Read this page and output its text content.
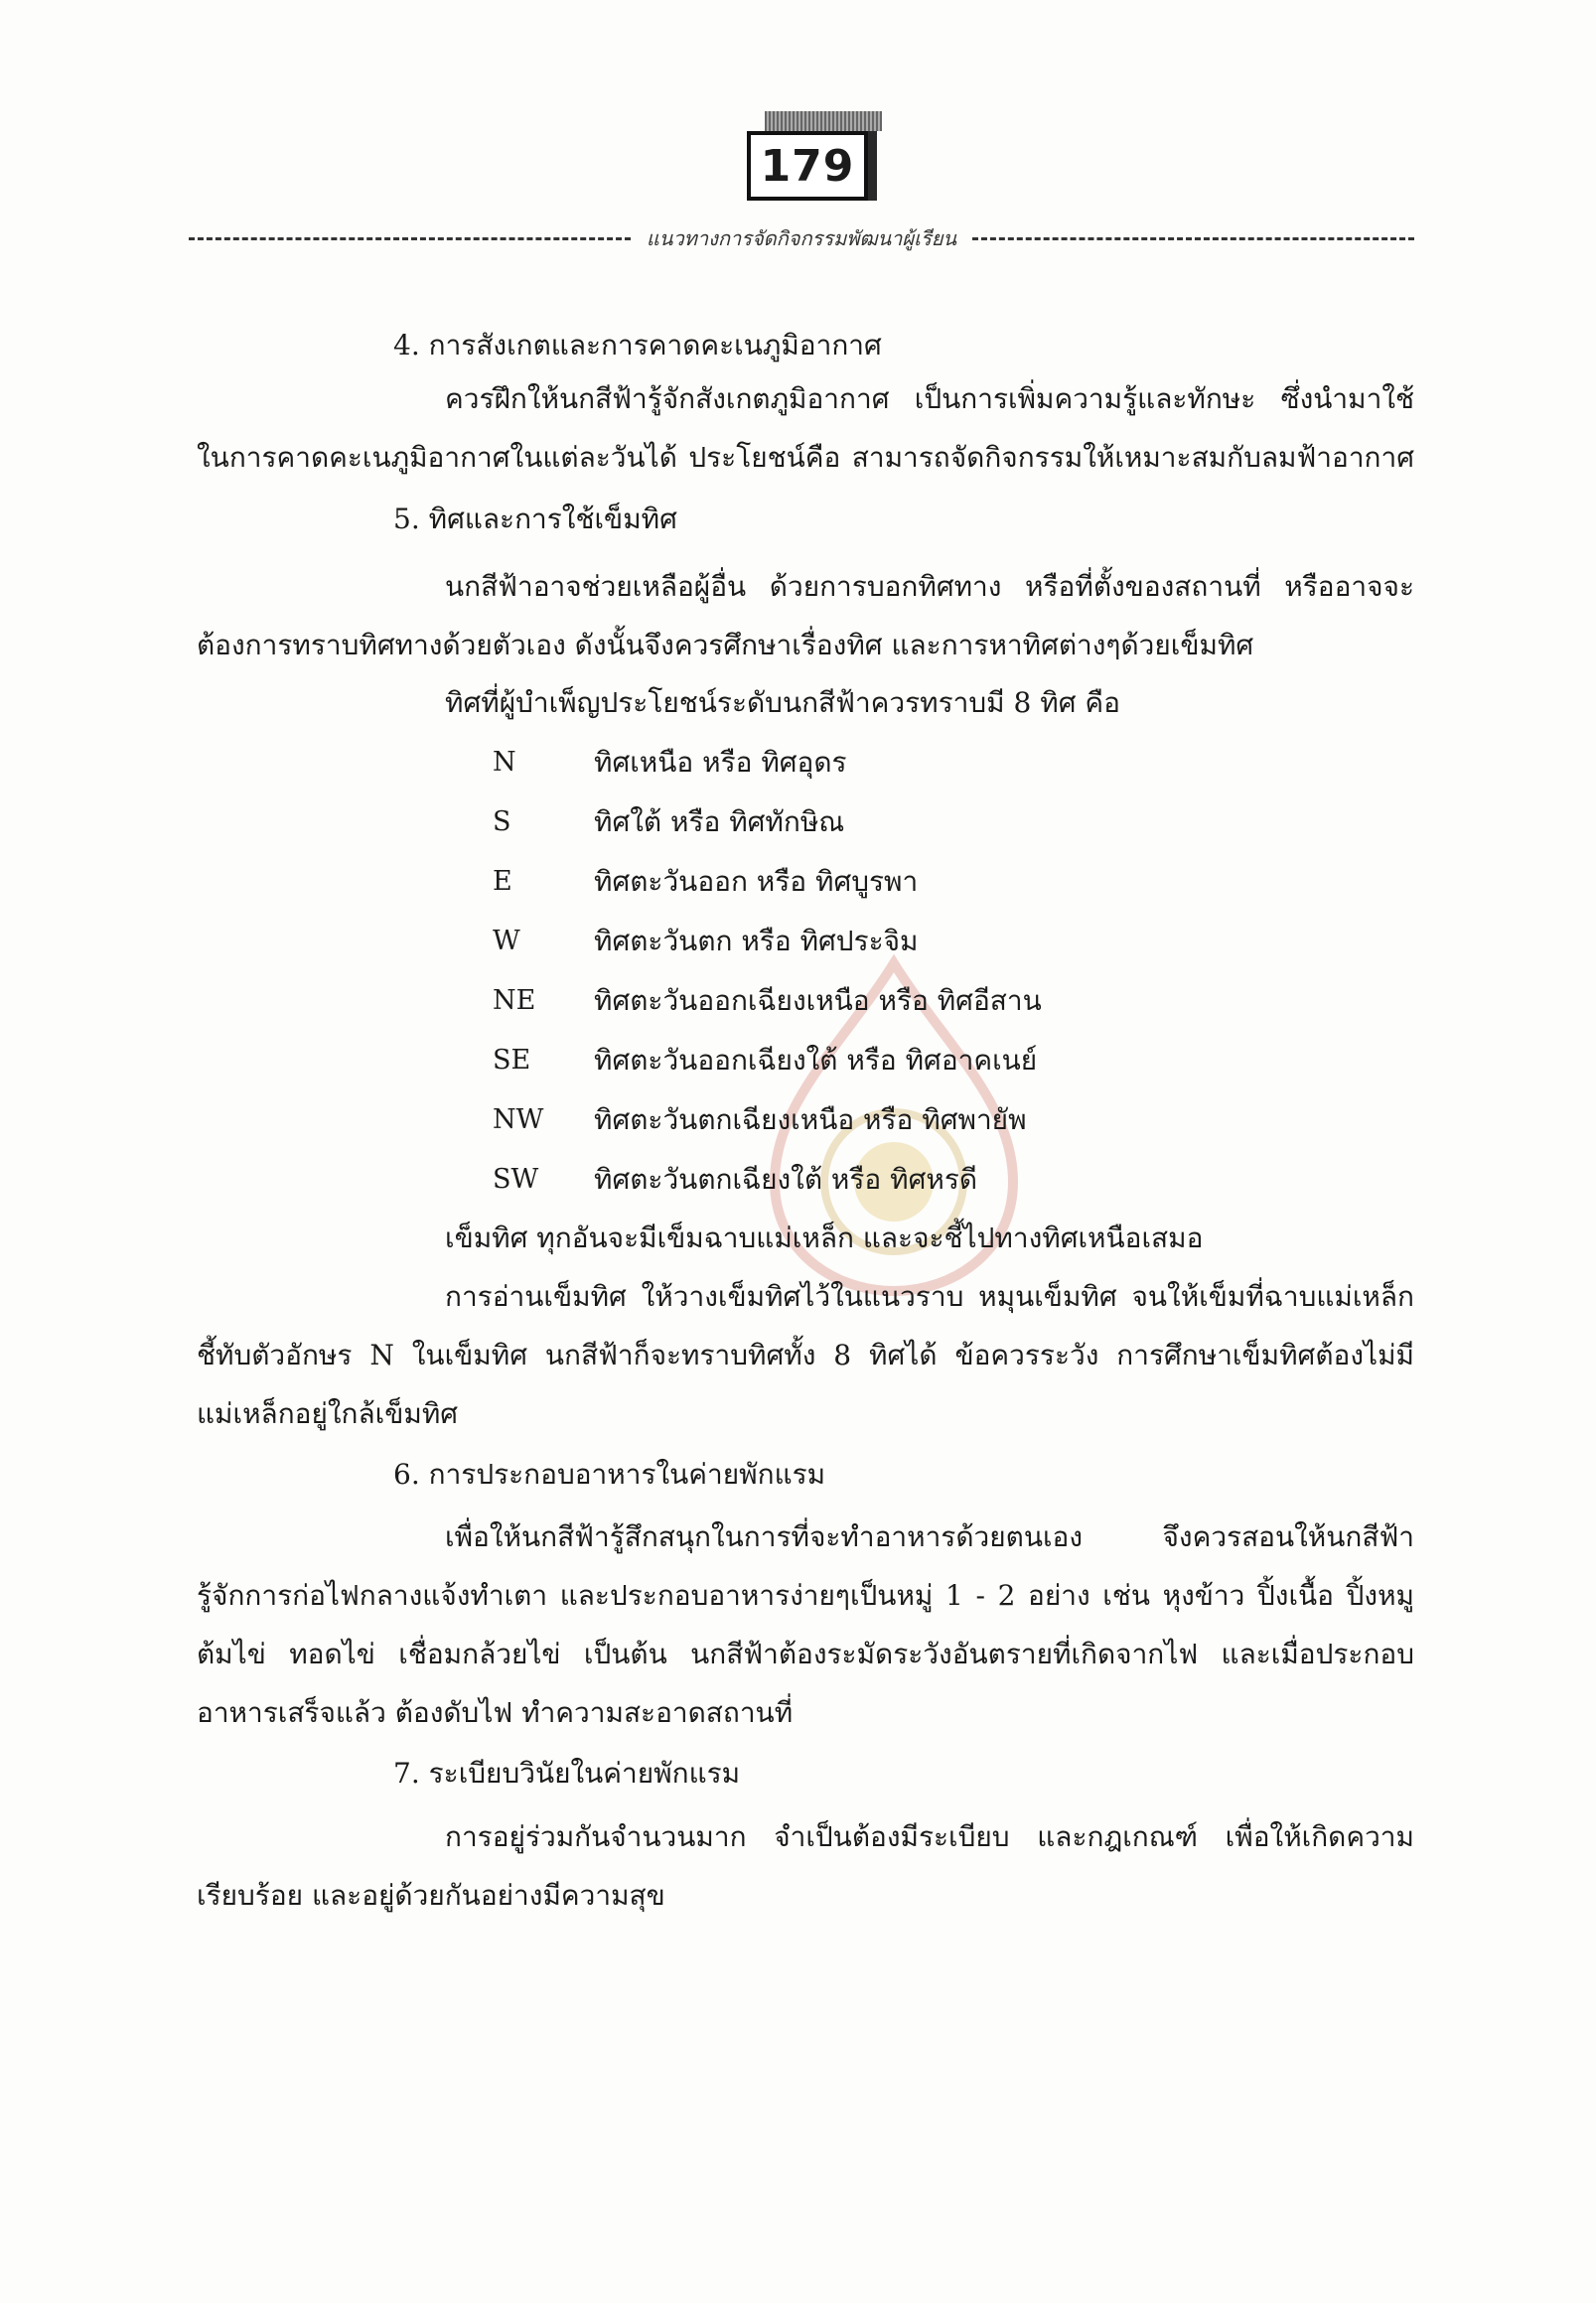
179
แนวทางการจัดกิจกรรมพัฒนาผู้เรียน
4. การสังเกตและการคาดคะเนภูมิอากาศ
ควรฝึกให้นกสีฟ้ารู้จักสังเกตภูมิอากาศ เป็นการเพิ่มความรู้และทักษะ ซึ่งนำมาใช้
ในการคาดคะเนภูมิอากาศในแต่ละวันได้ ประโยชน์คือ สามารถจัดกิจกรรมให้เหมาะสมกับลมฟ้าอากาศ
5. ทิศและการใช้เข็มทิศ
นกสีฟ้าอาจช่วยเหลือผู้อื่น ด้วยการบอกทิศทาง หรือที่ตั้งของสถานที่ หรืออาจจะ
ต้องการทราบทิศทางด้วยตัวเอง ดังนั้นจึงควรศึกษาเรื่องทิศ และการหาทิศต่างๆด้วยเข็มทิศ
ทิศที่ผู้บำเพ็ญประโยชน์ระดับนกสีฟ้าควรทราบมี 8 ทิศ คือ
N	ทิศเหนือ หรือ ทิศอุดร
S	ทิศใต้ หรือ ทิศทักษิณ
E	ทิศตะวันออก หรือ ทิศบูรพา
W	ทิศตะวันตก หรือ ทิศประจิม
NE ทิศตะวันออกเฉียงเหนือ หรือ ทิศอีสาน
SE ทิศตะวันออกเฉียงใต้ หรือ ทิศอาคเนย์
NW ทิศตะวันตกเฉียงเหนือ หรือ ทิศพายัพ
SW ทิศตะวันตกเฉียงใต้ หรือ ทิศหรดี
เข็มทิศ ทุกอันจะมีเข็มฉาบแม่เหล็ก และจะชี้ไปทางทิศเหนือเสมอ
การอ่านเข็มทิศ ให้วางเข็มทิศไว้ในแนวราบ หมุนเข็มทิศ จนให้เข็มที่ฉาบแม่เหล็ก
ชี้ทับตัวอักษร N ในเข็มทิศ นกสีฟ้าก็จะทราบทิศทั้ง 8 ทิศได้ ข้อควรระวัง การศึกษาเข็มทิศต้องไม่มี
แม่เหล็กอยู่ใกล้เข็มทิศ
6. การประกอบอาหารในค่ายพักแรม
เพื่อให้นกสีฟ้ารู้สึกสนุกในการที่จะทำอาหารด้วยตนเอง จึงควรสอนให้นกสีฟ้า
รู้จักการก่อไฟกลางแจ้งทำเตา และประกอบอาหารง่ายๆเป็นหมู่ 1 - 2 อย่าง เช่น หุงข้าว ปิ้งเนื้อ ปิ้งหมู
ต้มไข่ ทอดไข่ เชื่อมกล้วยไข่ เป็นต้น นกสีฟ้าต้องระมัดระวังอันตรายที่เกิดจากไฟ และเมื่อประกอบ
อาหารเสร็จแล้ว ต้องดับไฟ ทำความสะอาดสถานที่
7. ระเบียบวินัยในค่ายพักแรม
การอยู่ร่วมกันจำนวนมาก จำเป็นต้องมีระเบียบ และกฎเกณฑ์ เพื่อให้เกิดความ
เรียบร้อย และอยู่ด้วยกันอย่างมีความสุข
